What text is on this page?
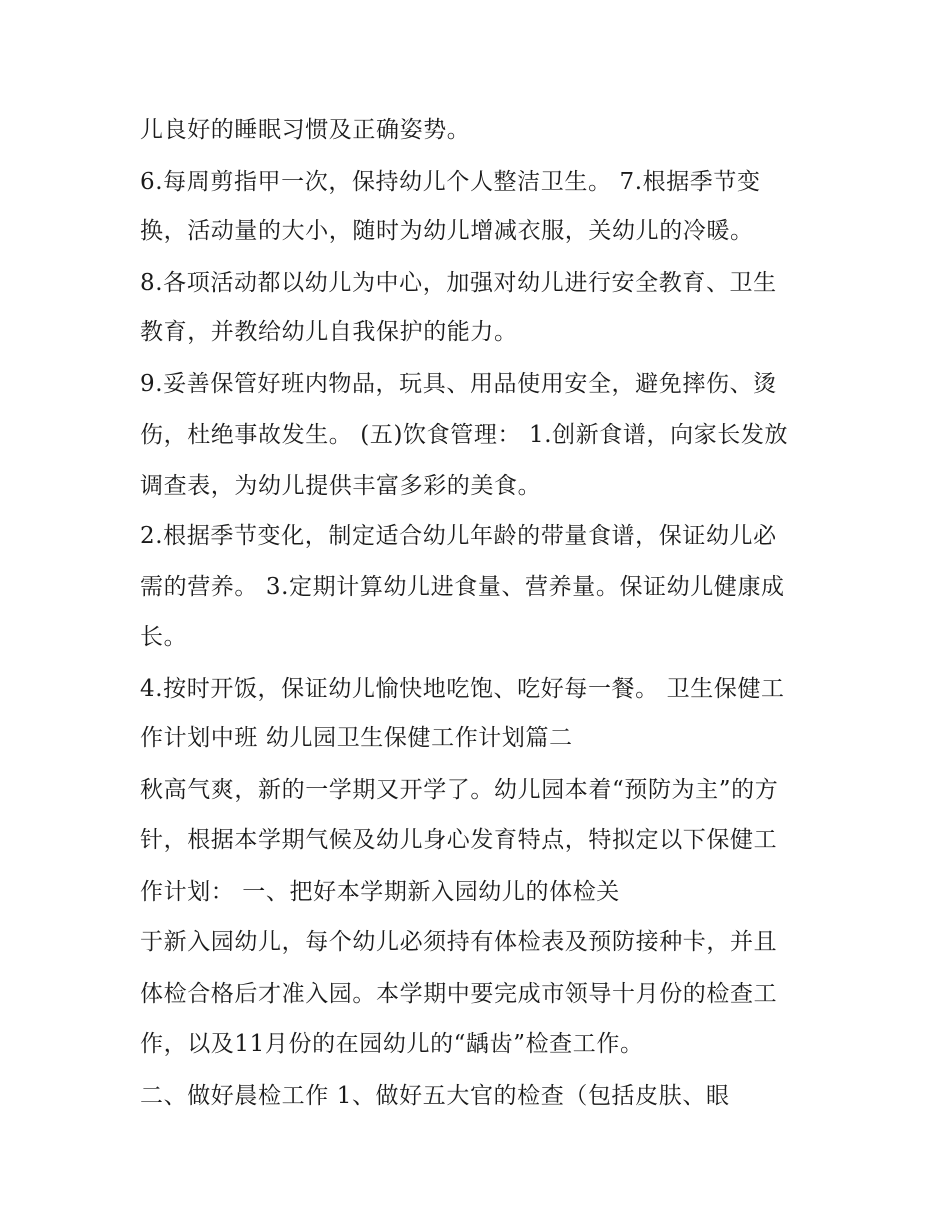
儿良好的睡眠习惯及正确姿势。
6.每周剪指甲一次，保持幼儿个人整洁卫生。 7.根据季节变
换，活动量的大小，随时为幼儿增减衣服，关幼儿的冷暖。
8.各项活动都以幼儿为中心，加强对幼儿进行安全教育、卫生
教育，并教给幼儿自我保护的能力。
9.妥善保管好班内物品，玩具、用品使用安全，避免摔伤、烫
伤，杜绝事故发生。 (五)饮食管理： 1.创新食谱，向家长发放
调查表，为幼儿提供丰富多彩的美食。
2.根据季节变化，制定适合幼儿年龄的带量食谱，保证幼儿必
需的营养。 3.定期计算幼儿进食量、营养量。保证幼儿健康成
长。
4.按时开饭，保证幼儿愉快地吃饱、吃好每一餐。 卫生保健工
作计划中班 幼儿园卫生保健工作计划篇二
秋高气爽，新的一学期又开学了。幼儿园本着“预防为主”的方
针，根据本学期气候及幼儿身心发育特点，特拟定以下保健工
作计划： 一、把好本学期新入园幼儿的体检关
于新入园幼儿，每个幼儿必须持有体检表及预防接种卡，并且
体检合格后才准入园。本学期中要完成市领导十月份的检查工
作，以及11月份的在园幼儿的“龋齿”检查工作。
二、做好晨检工作 1、做好五大官的检查（包括皮肤、眼
